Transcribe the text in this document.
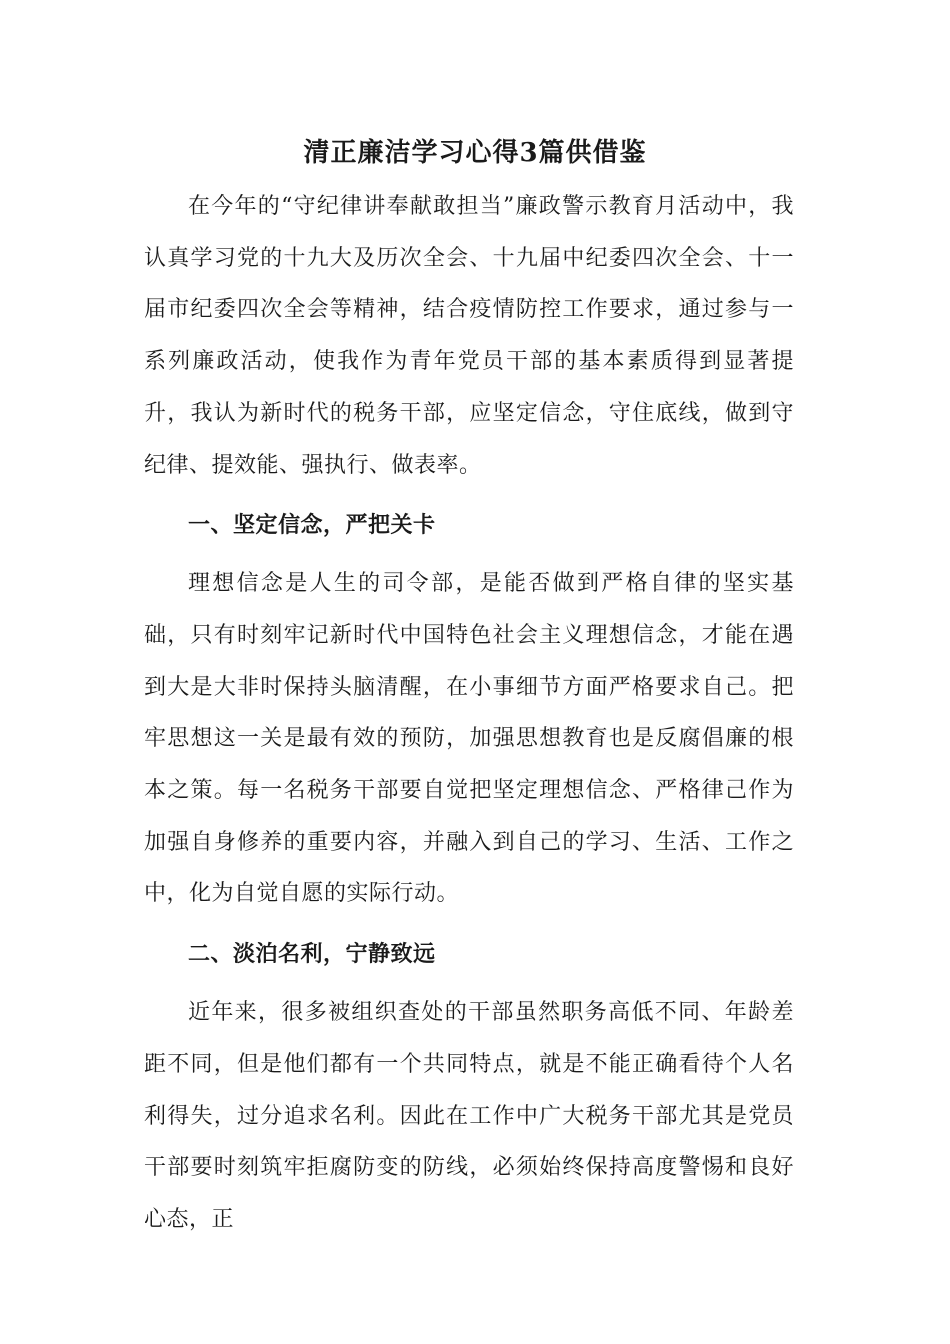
清正廉洁学习心得3篇供借鉴

在今年的“守纪律讲奉献敢担当”廉政警示教育月活动中，我认真学习党的十九大及历次全会、十九届中纪委四次全会、十一届市纪委四次全会等精神，结合疫情防控工作要求，通过参与一系列廉政活动，使我作为青年党员干部的基本素质得到显著提升，我认为新时代的税务干部，应坚定信念，守住底线，做到守纪律、提效能、强执行、做表率。

一、坚定信念，严把关卡

理想信念是人生的司令部，是能否做到严格自律的坚实基础，只有时刻牢记新时代中国特色社会主义理想信念，才能在遇到大是大非时保持头脑清醒，在小事细节方面严格要求自己。把牢思想这一关是最有效的预防，加强思想教育也是反腐倡廉的根本之策。每一名税务干部要自觉把坚定理想信念、严格律己作为加强自身修养的重要内容，并融入到自己的学习、生活、工作之中，化为自觉自愿的实际行动。

二、淡泊名利，宁静致远

近年来，很多被组织查处的干部虽然职务高低不同、年龄差距不同，但是他们都有一个共同特点，就是不能正确看待个人名利得失，过分追求名利。因此在工作中广大税务干部尤其是党员干部要时刻筑牢拒腐防变的防线，必须始终保持高度警惕和良好心态，正
